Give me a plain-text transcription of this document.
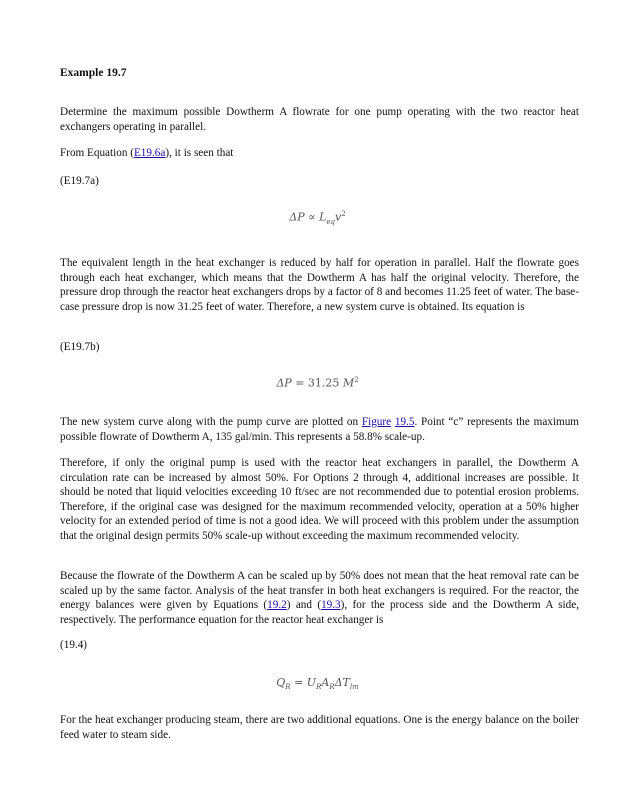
Example 19.7
Determine the maximum possible Dowtherm A flowrate for one pump operating with the two reactor heat exchangers operating in parallel.
From Equation (E19.6a), it is seen that
(E19.7a)
$\Delta P \propto L_{eq}v^2$
The equivalent length in the heat exchanger is reduced by half for operation in parallel. Half the flowrate goes through each heat exchanger, which means that the Dowtherm A has half the original velocity. Therefore, the pressure drop through the reactor heat exchangers drops by a factor of 8 and becomes 11.25 feet of water. The base-case pressure drop is now 31.25 feet of water. Therefore, a new system curve is obtained. Its equation is
(E19.7b)
ΔP = 31.25 $M^2$
The new system curve along with the pump curve are plotted on Figure 19.5. Point “c” represents the maximum possible flowrate of Dowtherm A, 135 gal/min. This represents a 58.8% scale-up.
Therefore, if only the original pump is used with the reactor heat exchangers in parallel, the Dowtherm A circulation rate can be increased by almost 50%. For Options 2 through 4, additional increases are possible. It should be noted that liquid velocities exceeding 10 ft/sec are not recommended due to potential erosion problems. Therefore, if the original case was designed for the maximum recommended velocity, operation at a 50% higher velocity for an extended period of time is not a good idea. We will proceed with this problem under the assumption that the original design permits 50% scale-up without exceeding the maximum recommended velocity.
Because the flowrate of the Dowtherm A can be scaled up by 50% does not mean that the heat removal rate can be scaled up by the same factor. Analysis of the heat transfer in both heat exchangers is required. For the reactor, the energy balances were given by Equations (19.2) and (19.3), for the process side and the Dowtherm A side, respectively. The performance equation for the reactor heat exchanger is
(19.4)
$Q_R = U_RA_R\Delta T_{lm}$
For the heat exchanger producing steam, there are two additional equations. One is the energy balance on the boiler feed water to steam side.
